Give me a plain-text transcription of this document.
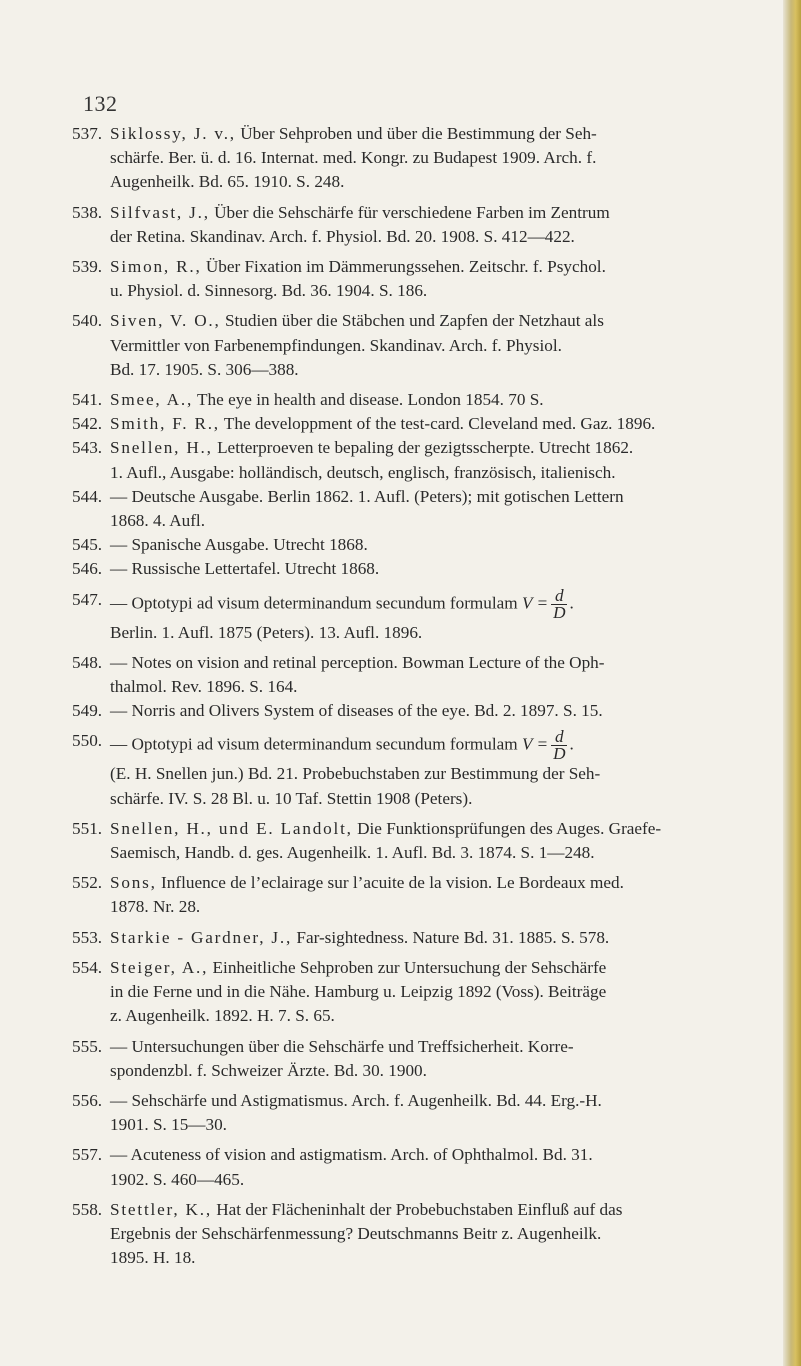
132
537. Siklossy, J. v., Über Sehproben und über die Bestimmung der Seh-
schärfe. Ber. ü. d. 16. Internat. med. Kongr. zu Budapest 1909. Arch. f.
Augenheilk. Bd. 65. 1910. S. 248.
538. Silfvast, J., Über die Sehschärfe für verschiedene Farben im Zentrum
der Retina. Skandinav. Arch. f. Physiol. Bd. 20. 1908. S. 412—422.
539. Simon, R., Über Fixation im Dämmerungssehen. Zeitschr. f. Psychol.
u. Physiol. d. Sinnesorg. Bd. 36. 1904. S. 186.
540. Siven, V. O., Studien über die Stäbchen und Zapfen der Netzhaut als
Vermittler von Farbenempfindungen. Skandinav. Arch. f. Physiol.
Bd. 17. 1905. S. 306—388.
541. Smee, A., The eye in health and disease. London 1854. 70 S.
542. Smith, F. R., The developpment of the test-card. Cleveland med. Gaz. 1896.
543. Snellen, H., Letterproeven te bepaling der gezigtsscherpte. Utrecht 1862.
1. Aufl., Ausgabe: holländisch, deutsch, englisch, französisch, italienisch.
544. — Deutsche Ausgabe. Berlin 1862. 1. Aufl. (Peters); mit gotischen Lettern
1868. 4. Aufl.
545. — Spanische Ausgabe. Utrecht 1868.
546. — Russische Lettertafel. Utrecht 1868.
547. — Optotypi ad visum determinandum secundum formulam $V = \frac{d}{D}$ .
Berlin. 1. Aufl. 1875 (Peters). 13. Aufl. 1896.
548. — Notes on vision and retinal perception. Bowman Lecture of the Oph-
thalmol. Rev. 1896. S. 164.
549. — Norris and Olivers System of diseases of the eye. Bd. 2. 1897. S. 15.
550. — Optotypi ad visum determinandum secundum formulam $V = \frac{d}{D}$ .
(E. H. Snellen jun.) Bd. 21. Probebuchstaben zur Bestimmung der Seh-
schärfe. IV. S. 28 Bl. u. 10 Taf. Stettin 1908 (Peters).
551. Snellen, H., und E. Landolt, Die Funktionsprüfungen des Auges. Graefe-
Saemisch, Handb. d. ges. Augenheilk. 1. Aufl. Bd. 3. 1874. S. 1—248.
552. Sons, Influence de l’eclairage sur l’acuite de la vision. Le Bordeaux med.
1878. Nr. 28.
553. Starkie - Gardner, J., Far-sightedness. Nature Bd. 31. 1885. S. 578.
554. Steiger, A., Einheitliche Sehproben zur Untersuchung der Sehschärfe
in die Ferne und in die Nähe. Hamburg u. Leipzig 1892 (Voss). Beiträge
z. Augenheilk. 1892. H. 7. S. 65.
555. — Untersuchungen über die Sehschärfe und Treffsicherheit. Korre-
spondenzbl. f. Schweizer Ärzte. Bd. 30. 1900.
556. — Sehschärfe und Astigmatismus. Arch. f. Augenheilk. Bd. 44. Erg.-H.
1901. S. 15—30.
557. — Acuteness of vision and astigmatism. Arch. of Ophthalmol. Bd. 31.
1902. S. 460—465.
558. Stettler, K., Hat der Flächeninhalt der Probebuchstaben Einfluß auf das
Ergebnis der Sehschärfenmessung? Deutschmanns Beitr z. Augenheilk.
1895. H. 18.
